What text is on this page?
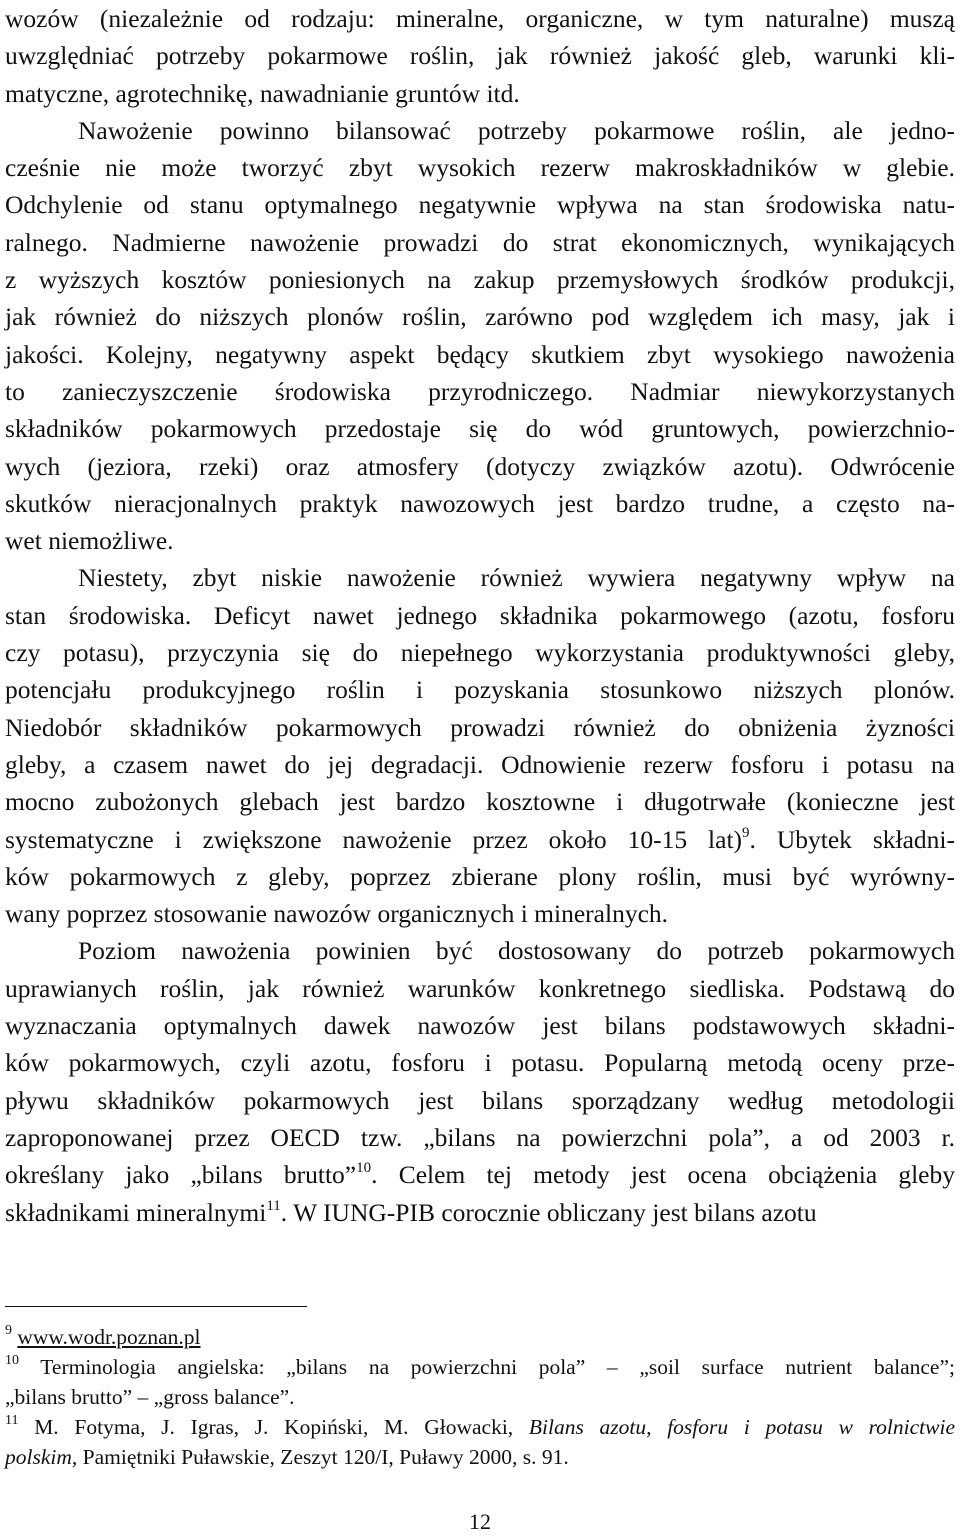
wozów (niezależnie od rodzaju: mineralne, organiczne, w tym naturalne) muszą
uwzględniać potrzeby pokarmowe roślin, jak również jakość gleb, warunki kli-
matyczne, agrotechnikę, nawadnianie gruntów itd.
Nawożenie powinno bilansować potrzeby pokarmowe roślin, ale jedno-
cześnie nie może tworzyć zbyt wysokich rezerw makroskładników w glebie.
Odchylenie od stanu optymalnego negatywnie wpływa na stan środowiska natu-
ralnego. Nadmierne nawożenie prowadzi do strat ekonomicznych, wynikających
z wyższych kosztów poniesionych na zakup przemysłowych środków produkcji,
jak również do niższych plonów roślin, zarówno pod względem ich masy, jak i
jakości. Kolejny, negatywny aspekt będący skutkiem zbyt wysokiego nawożenia
to zanieczyszczenie środowiska przyrodniczego. Nadmiar niewykorzystanych
składników pokarmowych przedostaje się do wód gruntowych, powierzchnio-
wych (jeziora, rzeki) oraz atmosfery (dotyczy związków azotu). Odwrócenie
skutków nieracjonalnych praktyk nawozowych jest bardzo trudne, a często na-
wet niemożliwe.
Niestety, zbyt niskie nawożenie również wywiera negatywny wpływ na
stan środowiska. Deficyt nawet jednego składnika pokarmowego (azotu, fosforu
czy potasu), przyczynia się do niepełnego wykorzystania produktywności gleby,
potencjału produkcyjnego roślin i pozyskania stosunkowo niższych plonów.
Niedobór składników pokarmowych prowadzi również do obniżenia żyzności
gleby, a czasem nawet do jej degradacji. Odnowienie rezerw fosforu i potasu na
mocno zubożonych glebach jest bardzo kosztowne i długotrwałe (konieczne jest
systematyczne i zwiększone nawożenie przez około 10-15 lat)$^9$. Ubytek składni-
ków pokarmowych z gleby, poprzez zbierane plony roślin, musi być wyrówny-
wany poprzez stosowanie nawozów organicznych i mineralnych.
Poziom nawożenia powinien być dostosowany do potrzeb pokarmowych
uprawianych roślin, jak również warunków konkretnego siedliska. Podstawą do
wyznaczania optymalnych dawek nawozów jest bilans podstawowych składni-
ków pokarmowych, czyli azotu, fosforu i potasu. Popularną metodą oceny prze-
pływu składników pokarmowych jest bilans sporządzany według metodologii
zaproponowanej przez OECD tzw. „bilans na powierzchni pola”, a od 2003 r.
określany jako „bilans brutto”$^{10}$. Celem tej metody jest ocena obciążenia gleby
składnikami mineralnymi$^{11}$. W IUNG-PIB corocznie obliczany jest bilans azotu
$^9$ www.wodr.poznan.pl
$^{10}$ Terminologia angielska: „bilans na powierzchni pola” – „soil surface nutrient balance”;
„bilans brutto” – „gross balance”.
$^{11}$ M. Fotyma, J. Igras, J. Kopiński, M. Głowacki, Bilans azotu, fosforu i potasu w rolnictwie
polskim, Pamiętniki Puławskie, Zeszyt 120/I, Puławy 2000, s. 91.
12
